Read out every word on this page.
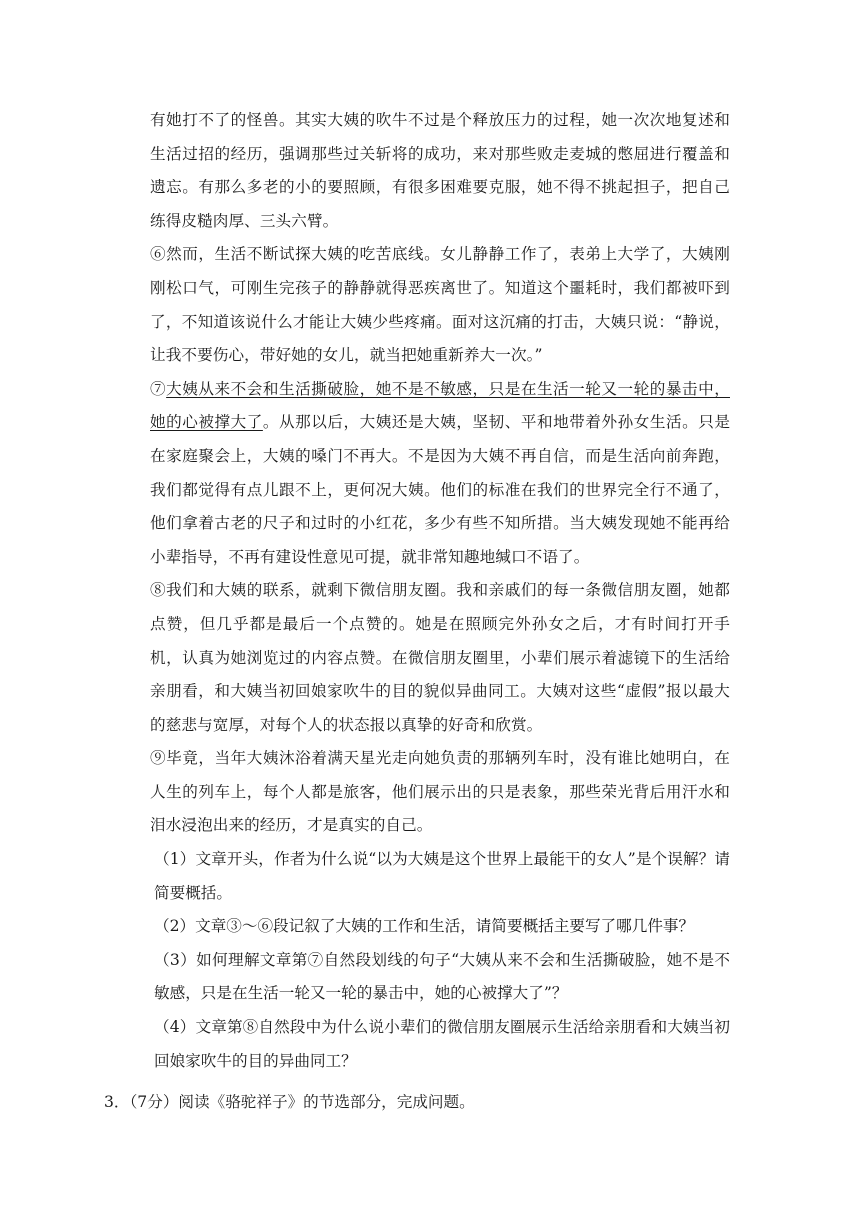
有她打不了的怪兽。其实大姨的吹牛不过是个释放压力的过程，她一次次地复述和生活过招的经历，强调那些过关斩将的成功，来对那些败走麦城的憋屈进行覆盖和遗忘。有那么多老的小的要照顾，有很多困难要克服，她不得不挑起担子，把自己练得皮糙肉厚、三头六臂。

⑥然而，生活不断试探大姨的吃苦底线。女儿静静工作了，表弟上大学了，大姨刚刚松口气，可刚生完孩子的静静就得恶疾离世了。知道这个噩耗时，我们都被吓到了，不知道该说什么才能让大姨少些疼痛。面对这沉痛的打击，大姨只说：“静说，让我不要伤心，带好她的女儿，就当把她重新养大一次。”

⑦大姨从来不会和生活撕破脸，她不是不敏感，只是在生活一轮又一轮的暴击中，她的心被撑大了。从那以后，大姨还是大姨，坚韧、平和地带着外孙女生活。只是在家庭聚会上，大姨的嗓门不再大。不是因为大姨不再自信，而是生活向前奔跑，我们都觉得有点儿跟不上，更何况大姨。他们的标准在我们的世界完全行不通了，他们拿着古老的尺子和过时的小红花，多少有些不知所措。当大姨发现她不能再给小辈指导，不再有建设性意见可提，就非常知趣地缄口不语了。

⑧我们和大姨的联系，就剩下微信朋友圈。我和亲戚们的每一条微信朋友圈，她都点赞，但几乎都是最后一个点赞的。她是在照顾完外孙女之后，才有时间打开手机，认真为她浏览过的内容点赞。在微信朋友圈里，小辈们展示着滤镜下的生活给亲朋看，和大姨当初回娘家吹牛的目的貌似异曲同工。大姨对这些“虚假”报以最大的慈悲与宽厚，对每个人的状态报以真挚的好奇和欣赏。

⑨毕竟，当年大姨沐浴着满天星光走向她负责的那辆列车时，没有谁比她明白，在人生的列车上，每个人都是旅客，他们展示出的只是表象，那些荣光背后用汗水和泪水浸泡出来的经历，才是真实的自己。

（1）文章开头，作者为什么说“以为大姨是这个世界上最能干的女人”是个误解？请简要概括。

（2）文章③～⑥段记叙了大姨的工作和生活，请简要概括主要写了哪几件事？

（3）如何理解文章第⑦自然段划线的句子“大姨从来不会和生活撕破脸，她不是不敏感，只是在生活一轮又一轮的暴击中，她的心被撑大了”？

（4）文章第⑧自然段中为什么说小辈们的微信朋友圈展示生活给亲朋看和大姨当初回娘家吹牛的目的异曲同工？

3．（7分）阅读《骆驼祥子》的节选部分，完成问题。
